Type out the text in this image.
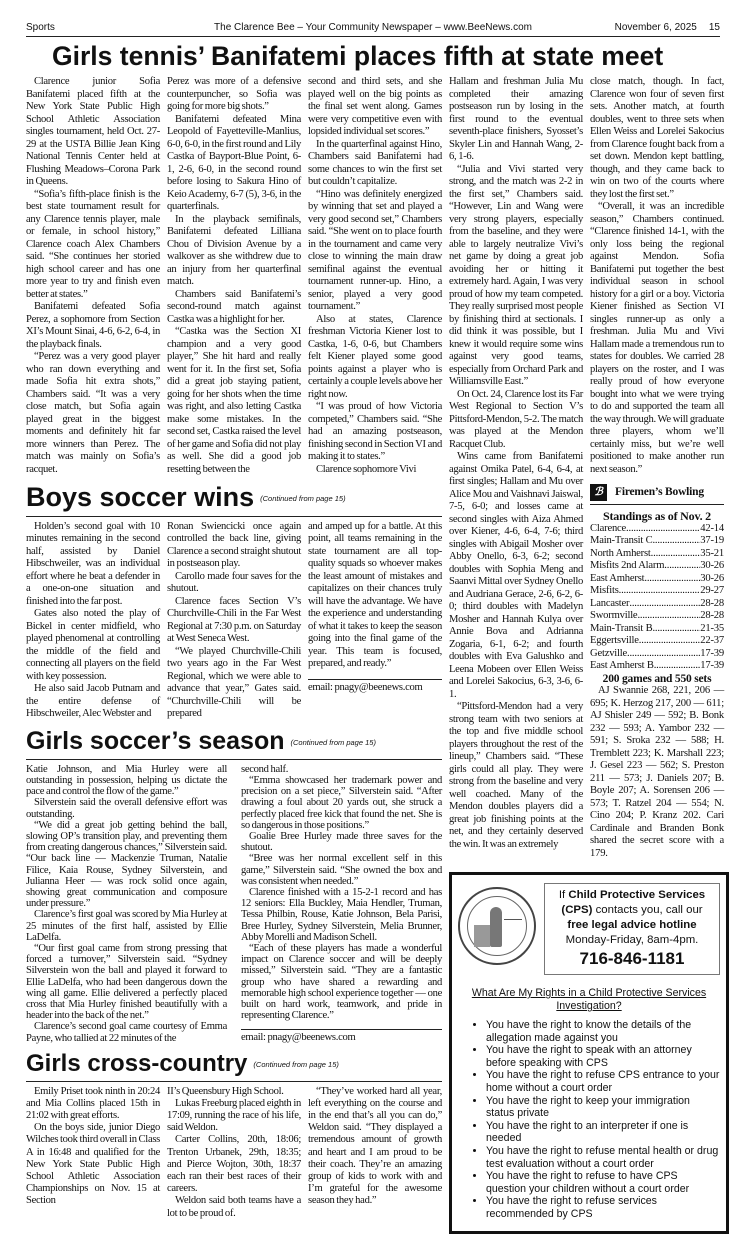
Sports	The Clarence Bee – Your Community Newspaper – www.BeeNews.com	November 6, 2025 15
Girls tennis’ Banifatemi places fifth at state meet

Clarence junior Sofia Banifatemi placed fifth at the New York State Public High School Athletic Association singles tournament, held Oct. 27-29 at the USTA Billie Jean King National Tennis Center held at Flushing Meadows–Corona Park in Queens.

“Sofia’s fifth-place finish is the best state tournament result for any Clarence tennis player, male or female, in school history,” Clarence coach Alex Chambers said. “She continues her storied high school career and has one more year to try and finish even better at states.”

Banifatemi defeated Sofia Perez, a sophomore from Section XI’s Mount Sinai, 4-6, 6-2, 6-4, in the playback finals.

“Perez was a very good player who ran down everything and made Sofia hit extra shots,” Chambers said. “It was a very close match, but Sofia again played great in the biggest moments and definitely hit far more winners than Perez. The match was mainly on Sofia’s racquet.

Perez was more of a defensive counterpuncher, so Sofia was going for more big shots.”

Banifatemi defeated Mina Leopold of Fayetteville-Manlius, 6-0, 6-0, in the first round and Lily Castka of Bayport-Blue Point, 6-1, 2-6, 6-0, in the second round before losing to Sakura Hino of Keio Academy, 6-7 (5), 3-6, in the quarterfinals.

In the playback semifinals, Banifatemi defeated Lilliana Chou of Division Avenue by a walkover as she withdrew due to an injury from her quarterfinal match.

Chambers said Banifatemi’s second-round match against Castka was a highlight for her.

“Castka was the Section XI champion and a very good player,” She hit hard and really went for it. In the first set, Sofia did a great job staying patient, going for her shots when the time was right, and also letting Castka make some mistakes. In the second set, Castka raised the level of her game and Sofia did not play as well. She did a good job resetting between the

second and third sets, and she played well on the big points as the final set went along. Games were very competitive even with lopsided individual set scores.”

In the quarterfinal against Hino, Chambers said Banifatemi had some chances to win the first set but couldn’t capitalize.

“Hino was definitely energized by winning that set and played a very good second set,” Chambers said. “She went on to place fourth in the tournament and came very close to winning the main draw semifinal against the eventual tournament runner-up. Hino, a senior, played a very good tournament.”

Also at states, Clarence freshman Victoria Kiener lost to Castka, 1-6, 0-6, but Chambers felt Kiener played some good points against a player who is certainly a couple levels above her right now.

“I was proud of how Victoria competed,” Chambers said. “She had an amazing postseason, finishing second in Section VI and making it to states.”

Clarence sophomore Vivi

Boys soccer wins (Continued from page 15)

Holden’s second goal with 10 minutes remaining in the second half, assisted by Daniel Hibschweiler, was an individual effort where he beat a defender in a one-on-one situation and finished into the far post.

Gates also noted the play of Bickel in center midfield, who played phenomenal at controlling the middle of the field and connecting all players on the field with key possession.

He also said Jacob Putnam and the entire defense of Hibschweiler, Alec Webster and

Ronan Swiencicki once again controlled the back line, giving Clarence a second straight shutout in postseason play.

Carollo made four saves for the shutout.

Clarence faces Section V’s Churchville-Chili in the Far West Regional at 7:30 p.m. on Saturday at West Seneca West.

“We played Churchville-Chili two years ago in the Far West Regional, which we were able to advance that year,” Gates said. “Churchville-Chili will be prepared

and amped up for a battle. At this point, all teams remaining in the state tournament are all top-quality squads so whoever makes the least amount of mistakes and capitalizes on their chances truly will have the advantage. We have the experience and understanding of what it takes to keep the season going into the final game of the year. This team is focused, prepared, and ready.”

email: pnagy@beenews.com
Girls soccer’s season (Continued from page 15)

Katie Johnson, and Mia Hurley were all outstanding in possession, helping us dictate the pace and control the flow of the game.”

Silverstein said the overall defensive effort was outstanding.

“We did a great job getting behind the ball, slowing OP’s transition play, and preventing them from creating dangerous chances,” Silverstein said. “Our back line — Mackenzie Truman, Natalie Filice, Kaia Rouse, Sydney Silverstein, and Julianna Heer — was rock solid once again, showing great communication and composure under pressure.”

Clarence’s first goal was scored by Mia Hurley at 25 minutes of the first half, assisted by Ellie LaDelfa.

“Our first goal came from strong pressing that forced a turnover,” Silverstein said. “Sydney Silverstein won the ball and played it forward to Ellie LaDelfa, who had been dangerous down the wing all game. Ellie delivered a perfectly placed cross that Mia Hurley finished beautifully with a header into the back of the net.”

Clarence’s second goal came courtesy of Emma Payne, who tallied at 22 minutes of the

second half.

“Emma showcased her trademark power and precision on a set piece,” Silverstein said. “After drawing a foul about 20 yards out, she struck a perfectly placed free kick that found the net. She is so dangerous in those positions.”

Goalie Bree Hurley made three saves for the shutout.

“Bree was her normal excellent self in this game,” Silverstein said. “She owned the box and was consistent when needed.”

Clarence finished with a 15-2-1 record and has 12 seniors: Ella Buckley, Maia Hendler, Truman, Tessa Philbin, Rouse, Katie Johnson, Bela Parisi, Bree Hurley, Sydney Silverstein, Melia Brunner, Abby Morelli and Madison Schell.

“Each of these players has made a wonderful impact on Clarence soccer and will be deeply missed,” Silverstein said. “They are a fantastic group who have shared a rewarding and memorable high school experience together — one built on hard work, teamwork, and pride in representing Clarence.”

email: pnagy@beenews.com
Girls cross-country (Continued from page 15)

Emily Priset took ninth in 20:24 and Mia Collins placed 15th in 21:02 with great efforts.

On the boys side, junior Diego Wilches took third overall in Class A in 16:48 and qualified for the New York State Public High School Athletic Association Championships on Nov. 15 at Section

II’s Queensbury High School.

Lukas Freeburg placed eighth in 17:09, running the race of his life, said Weldon.

Carter Collins, 20th, 18:06; Trenton Urbanek, 29th, 18:35; and Pierce Wojton, 30th, 18:37 each ran their best races of their careers.

Weldon said both teams have a lot to be proud of.

“They’ve worked hard all year, left everything on the course and in the end that’s all you can do,” Weldon said. “They displayed a tremendous amount of growth and heart and I am proud to be their coach. They’re an amazing group of kids to work with and I’m grateful for the awesome season they had.”

Hallam and freshman Julia Mu completed their amazing postseason run by losing in the first round to the eventual seventh-place finishers, Syosset’s Skyler Lin and Hannah Wang, 2-6, 1-6.

“Julia and Vivi started very strong, and the match was 2-2 in the first set,” Chambers said. “However, Lin and Wang were very strong players, especially from the baseline, and they were able to largely neutralize Vivi’s net game by doing a great job avoiding her or hitting it extremely hard. Again, I was very proud of how my team competed. They really surprised most people by finishing third at sectionals. I did think it was possible, but I knew it would require some wins against very good teams, especially from Orchard Park and Williamsville East.”

On Oct. 24, Clarence lost its Far West Regional to Section V’s Pittsford-Mendon, 5-2. The match was played at the Mendon Racquet Club.

Wins came from Banifatemi against Omika Patel, 6-4, 6-4, at first singles; Hallam and Mu over Alice Mou and Vaishnavi Jaiswal, 7-5, 6-0; and losses came at second singles with Aiza Ahmed over Kiener, 4-6, 6-4, 7-6; third singles with Abigail Mosher over Abby Onello, 6-3, 6-2; second doubles with Sophia Meng and Saanvi Mittal over Sydney Onello and Audriana Gerace, 2-6, 6-2, 6-0; third doubles with Madelyn Mosher and Hannah Kulya over Annie Bova and Adrianna Zogaria, 6-1, 6-2; and fourth doubles with Eva Galushko and Leena Mobeen over Ellen Weiss and Lorelei Sakocius, 6-3, 3-6, 6-1.

“Pittsford-Mendon had a very strong team with two seniors at the top and five middle school players throughout the rest of the lineup,” Chambers said. “These girls could all play. They were strong from the baseline and very well coached. Many of the Mendon doubles players did a great job finishing points at the net, and they certainly deserved the win. It was an extremely

close match, though. In fact, Clarence won four of seven first sets. Another match, at fourth doubles, went to three sets when Ellen Weiss and Lorelei Sakocius from Clarence fought back from a set down. Mendon kept battling, though, and they came back to win on two of the courts where they lost the first set.”

“Overall, it was an incredible season,” Chambers continued. “Clarence finished 14-1, with the only loss being the regional against Mendon. Sofia Banifatemi put together the best individual season in school history for a girl or a boy. Victoria Kiener finished as Section VI singles runner-up as only a freshman. Julia Mu and Vivi Hallam made a tremendous run to states for doubles. We carried 28 players on the roster, and I was really proud of how everyone bought into what we were trying to do and supported the team all the way through. We will graduate three players, whom we’ll certainly miss, but we’re well positioned to make another run next season.”

ℬ	Firemen’s Bowling
Standings as of Nov. 2
Clarence .....	42-14
Main-Transit C .....	37-19
North Amherst .....	35-21
Misfits 2nd Alarm .....	30-26
East Amherst .....	30-26
Misfits .....	29-27
Lancaster .....	28-28
Swormville .....	28-28
Main-Transit B .....	21-35
Eggertsville .....	22-37
Getzville .....	17-39
East Amherst B .....	17-39
200 games and 550 sets

AJ Swannie 268, 221, 206 — 695; K. Herzog 217, 200 — 611; AJ Shisler 249 — 592; B. Bonk 232 — 593; A. Yambor 232 — 591; S. Sroka 232 — 588; H. Tremblett 223; K. Marshall 223; J. Gesel 223 — 562; S. Preston 211 — 573; J. Daniels 207; B. Boyle 207; A. Sorensen 206 — 573; T. Ratzel 204 — 554; N. Cino 204; P. Kranz 202. Cari Cardinale and Branden Bonk shared the secret score with a 179.

If Child Protective Services
(CPS) contacts you, call our
free legal advice hotline
Monday-Friday, 8am-4pm.
716-846-1181
What Are My Rights in a Child Protective Services Investigation?
• You have the right to know the details of the allegation made against you
• You have the right to speak with an attorney before speaking with CPS
• You have the right to refuse CPS entrance to your home without a court order
• You have the right to keep your immigration status private
• You have the right to an interpreter if one is needed
• You have the right to refuse mental health or drug test evaluation without a court order
• You have the right to refuse to have CPS question your children without a court order
• You have the right to refuse services recommended by CPS
